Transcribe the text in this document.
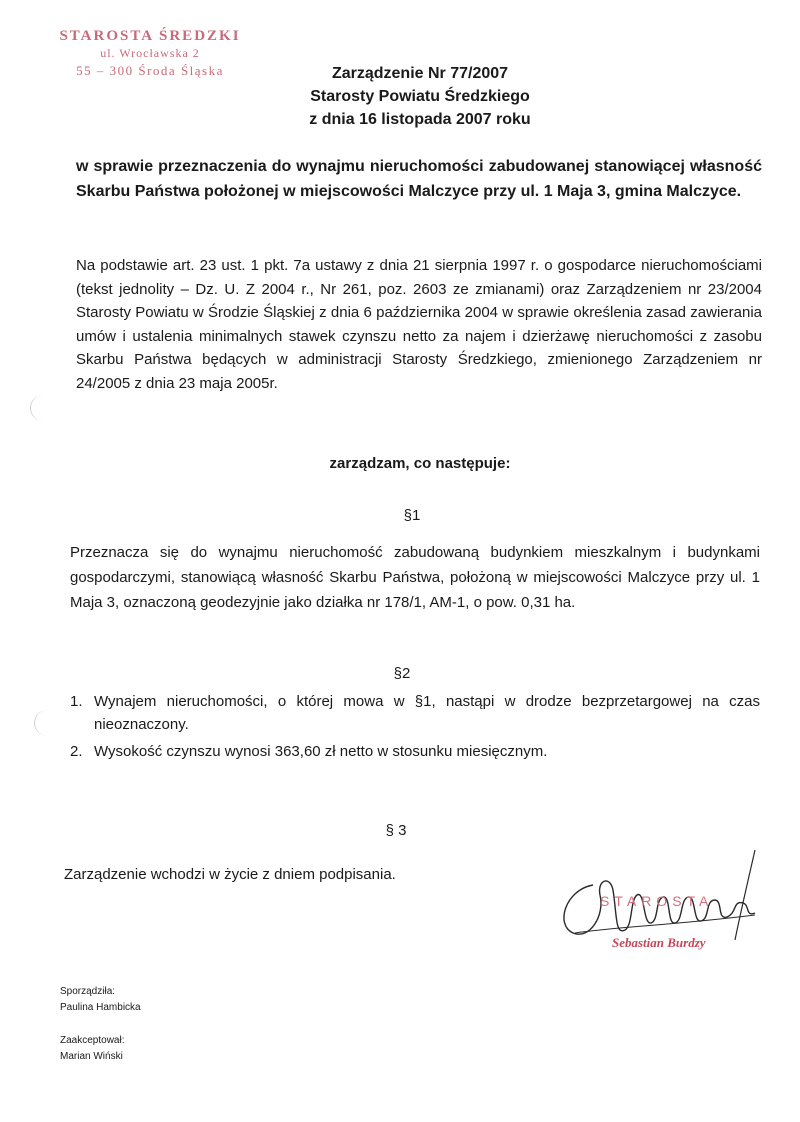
STAROSTA ŚREDZKI
ul. Wrocławska 2
55 – 300 Środa Śląska	Zarządzenie Nr 77/2007
Starosty Powiatu Średzkiego
z dnia 16 listopada 2007 roku
w sprawie przeznaczenia do wynajmu nieruchomości zabudowanej stanowiącej własność Skarbu Państwa położonej w miejscowości Malczyce przy ul. 1 Maja 3, gmina Malczyce.
Na podstawie art. 23 ust. 1 pkt. 7a ustawy z dnia 21 sierpnia 1997 r. o gospodarce nieruchomościami (tekst jednolity – Dz. U. Z 2004 r., Nr 261, poz. 2603 ze zmianami) oraz Zarządzeniem nr 23/2004 Starosty Powiatu w Środzie Śląskiej z dnia 6 października 2004 w sprawie określenia zasad zawierania umów i ustalenia minimalnych stawek czynszu netto za najem i dzierżawę nieruchomości z zasobu Skarbu Państwa będących w administracji Starosty Średzkiego, zmienionego Zarządzeniem nr 24/2005 z dnia 23 maja 2005r.
zarządzam, co następuje:
§1
Przeznacza się do wynajmu nieruchomość zabudowaną budynkiem mieszkalnym i budynkami gospodarczymi, stanowiącą własność Skarbu Państwa, położoną w miejscowości Malczyce przy ul. 1 Maja 3, oznaczoną geodezyjnie jako działka nr 178/1, AM-1, o pow. 0,31 ha.
§2
1. Wynajem nieruchomości, o której mowa w §1, nastąpi w drodze bezprzetargowej na czas nieoznaczony.
2. Wysokość czynszu wynosi 363,60 zł netto w stosunku miesięcznym.
§ 3
Zarządzenie wchodzi w życie z dniem podpisania.
STAROSTA
Sebastian Burdzy
Sporządziła:
Paulina Hambicka
Zaakceptował:
Marian Wiński
